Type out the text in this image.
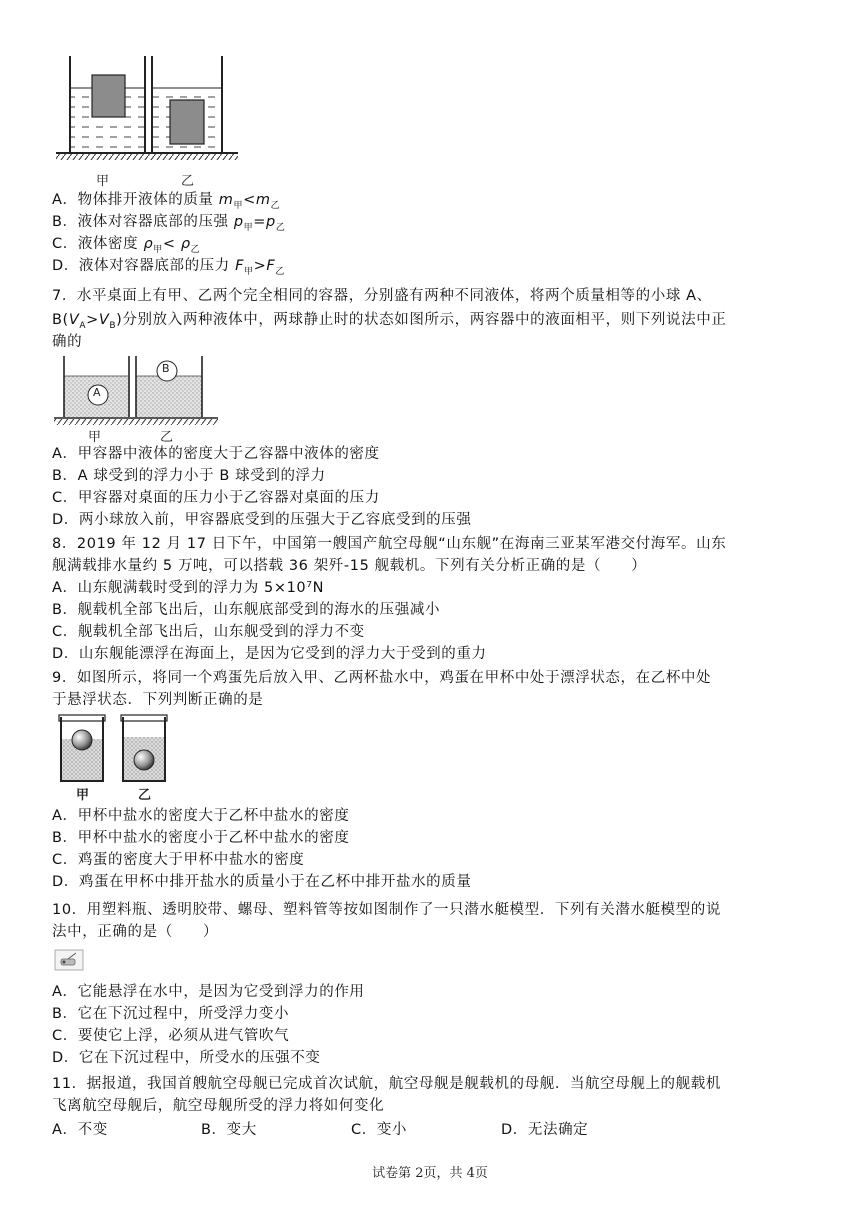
甲	乙
A．物体排开液体的质量 $m_甲<m_乙$
B．液体对容器底部的压强 $p_甲=p_乙$
C．液体密度 $\rho_甲< \rho_乙$
D．液体对容器底部的压力 $F_甲>F_乙$
7．水平桌面上有甲、乙两个完全相同的容器，分别盛有两种不同液体，将两个质量相等的小球 A、
$B(V_A>V_B)$分别放入两种液体中，两球静止时的状态如图所示，两容器中的液面相平，则下列说法中正
确的
A
B
甲	乙
A．甲容器中液体的密度大于乙容器中液体的密度
B．A 球受到的浮力小于 B 球受到的浮力
C．甲容器对桌面的压力小于乙容器对桌面的压力
D．两小球放入前，甲容器底受到的压强大于乙容底受到的压强
8．2019 年 12 月 17 日下午，中国第一艘国产航空母舰“山东舰”在海南三亚某军港交付海军。山东
舰满载排水量约 5 万吨，可以搭载 36 架歼-15 舰载机。下列有关分析正确的是（　　）
A．山东舰满载时受到的浮力为 5×10⁷N
B．舰载机全部飞出后，山东舰底部受到的海水的压强减小
C．舰载机全部飞出后，山东舰受到的浮力不变
D．山东舰能漂浮在海面上，是因为它受到的浮力大于受到的重力
9．如图所示，将同一个鸡蛋先后放入甲、乙两杯盐水中，鸡蛋在甲杯中处于漂浮状态，在乙杯中处
于悬浮状态．下列判断正确的是
甲	乙
A．甲杯中盐水的密度大于乙杯中盐水的密度
B．甲杯中盐水的密度小于乙杯中盐水的密度
C．鸡蛋的密度大于甲杯中盐水的密度
D．鸡蛋在甲杯中排开盐水的质量小于在乙杯中排开盐水的质量
10．用塑料瓶、透明胶带、螺母、塑料管等按如图制作了一只潜水艇模型．下列有关潜水艇模型的说
法中，正确的是（　　）
A．它能悬浮在水中，是因为它受到浮力的作用
B．它在下沉过程中，所受浮力变小
C．要使它上浮，必须从进气管吹气
D．它在下沉过程中，所受水的压强不变
11．据报道，我国首艘航空母舰已完成首次试航，航空母舰是舰载机的母舰．当航空母舰上的舰载机
飞离航空母舰后，航空母舰所受的浮力将如何变化
A．不变	B．变大	C．变小	D．无法确定
试卷第 2页，共 4页
